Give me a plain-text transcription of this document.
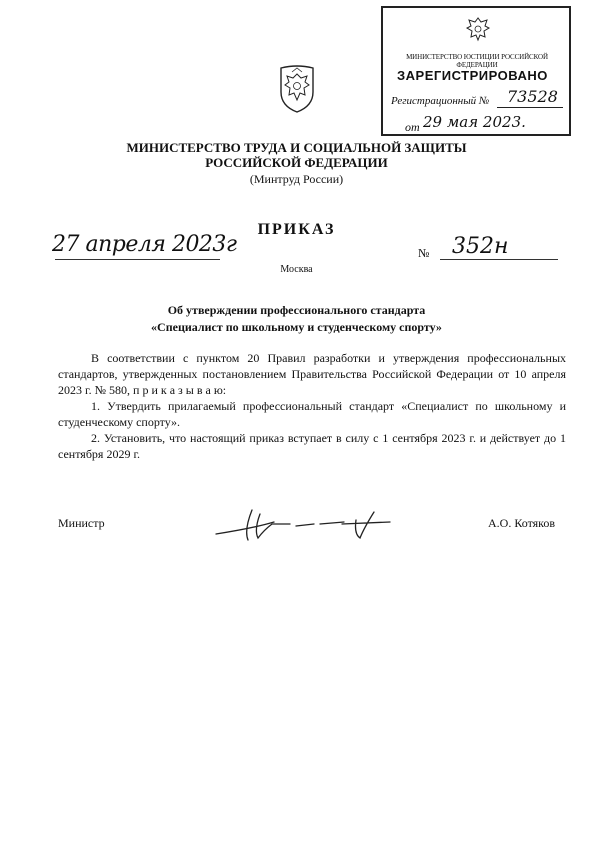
МИНИСТЕРСТВО ЮСТИЦИИ РОССИЙСКОЙ ФЕДЕРАЦИИ
ЗАРЕГИСТРИРОВАНО
Регистрационный № 73528
от 29 мая 2023.
МИНИСТЕРСТВО ТРУДА И СОЦИАЛЬНОЙ ЗАЩИТЫ
РОССИЙСКОЙ ФЕДЕРАЦИИ
(Минтруд России)
ПРИКАЗ
27 апреля 2023г	№ 352н
Москва
Об утверждении профессионального стандарта
«Специалист по школьному и студенческому спорту»

В соответствии с пунктом 20 Правил разработки и утверждения профессиональных стандартов, утвержденных постановлением Правительства Российской Федерации от 10 апреля 2023 г. № 580, п р и к а з ы в а ю:

1. Утвердить прилагаемый профессиональный стандарт «Специалист по школьному и студенческому спорту».

2. Установить, что настоящий приказ вступает в силу с 1 сентября 2023 г. и действует до 1 сентября 2029 г.

Министр	А.О. Котяков
